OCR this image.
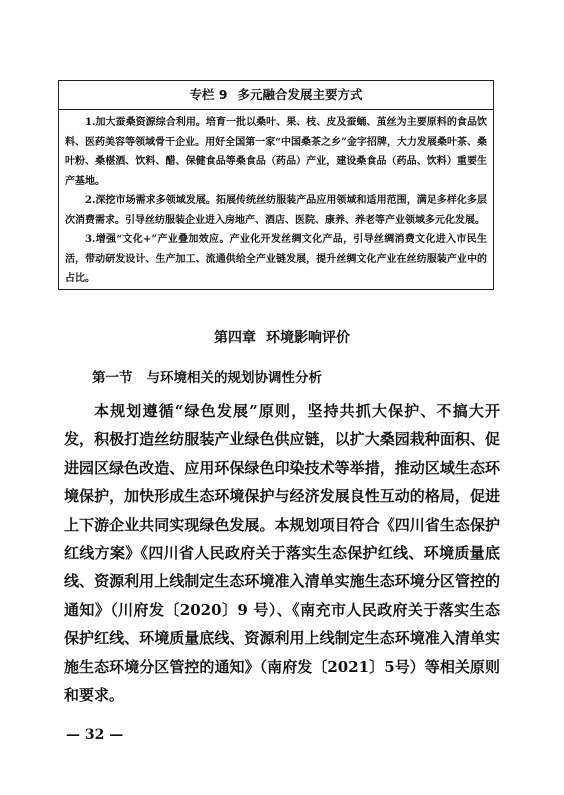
专栏 9 多元融合发展主要方式

1.加大蚕桑资源综合利用。培育一批以桑叶、果、枝、皮及蚕蛹、茧丝为主要原料的食品饮料、医药美容等领域骨干企业。用好全国第一家“中国桑茶之乡”金字招牌，大力发展桑叶茶、桑叶粉、桑椹酒、饮料、醋、保健食品等桑食品（药品）产业，建设桑食品（药品、饮料）重要生产基地。

2.深挖市场需求多领域发展。拓展传统丝纺服装产品应用领域和适用范围，满足多样化多层次消费需求。引导丝纺服装企业进入房地产、酒店、医院、康养、养老等产业领域多元化发展。

3.增强“文化+”产业叠加效应。产业化开发丝绸文化产品，引导丝绸消费文化进入市民生活，带动研发设计、生产加工、流通供给全产业链发展，提升丝绸文化产业在丝纺服装产业中的占比。

第四章 环境影响评价
第一节 与环境相关的规划协调性分析

本规划遵循“绿色发展”原则，坚持共抓大保护、不搞大开发，积极打造丝纺服装产业绿色供应链，以扩大桑园栽种面积、促进园区绿色改造、应用环保绿色印染技术等举措，推动区域生态环境保护，加快形成生态环境保护与经济发展良性互动的格局，促进上下游企业共同实现绿色发展。本规划项目符合《四川省生态保护红线方案》《四川省人民政府关于落实生态保护红线、环境质量底线、资源利用上线制定生态环境准入清单实施生态环境分区管控的通知》（川府发〔2020〕9 号）、《南充市人民政府关于落实生态保护红线、环境质量底线、资源利用上线制定生态环境准入清单实施生态环境分区管控的通知》（南府发〔2021〕5号）等相关原则和要求。

— 32 —
